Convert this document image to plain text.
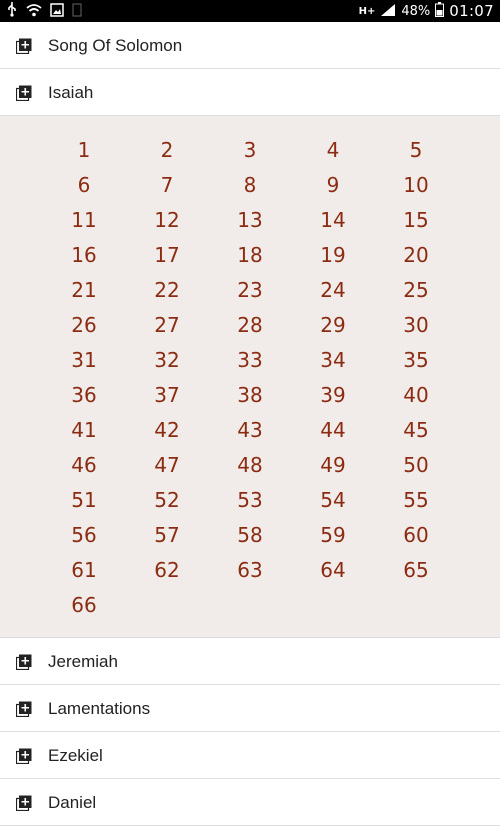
H+ 48% 01:07
Song Of Solomon
Isaiah
1	2	3	4	5
6	7	8	9	10
11	12	13	14	15
16	17	18	19	20
21	22	23	24	25
26	27	28	29	30
31	32	33	34	35
36	37	38	39	40
41	42	43	44	45
46	47	48	49	50
51	52	53	54	55
56	57	58	59	60
61	62	63	64	65
66
Jeremiah
Lamentations
Ezekiel
Daniel
